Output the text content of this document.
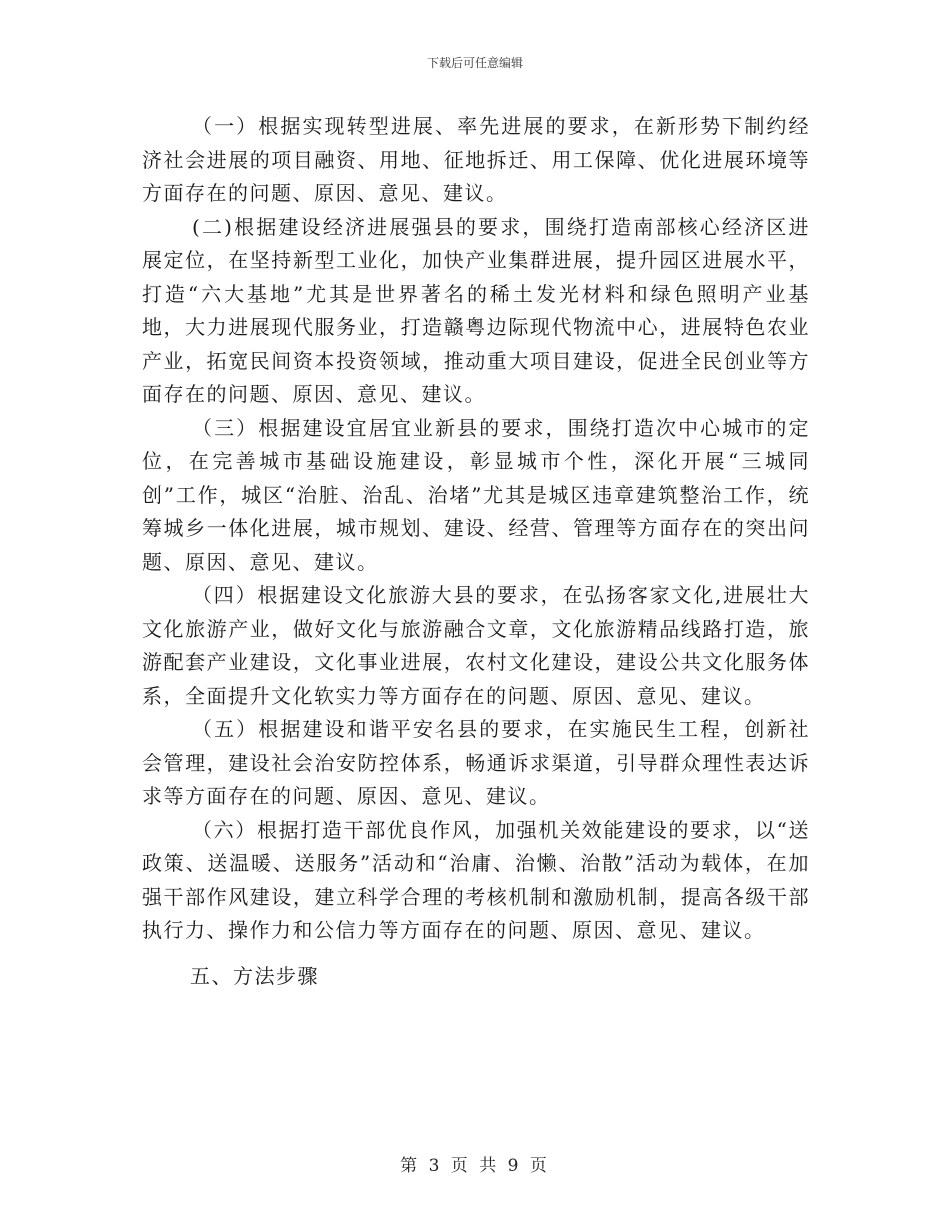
下载后可任意编辑

（一）根据实现转型进展、率先进展的要求，在新形势下制约经济社会进展的项目融资、用地、征地拆迁、用工保障、优化进展环境等方面存在的问题、原因、意见、建议。

(二)根据建设经济进展强县的要求，围绕打造南部核心经济区进展定位，在坚持新型工业化，加快产业集群进展，提升园区进展水平，打造“六大基地”尤其是世界著名的稀土发光材料和绿色照明产业基地，大力进展现代服务业，打造赣粤边际现代物流中心，进展特色农业产业，拓宽民间资本投资领域，推动重大项目建设，促进全民创业等方面存在的问题、原因、意见、建议。

（三）根据建设宜居宜业新县的要求，围绕打造次中心城市的定位，在完善城市基础设施建设，彰显城市个性，深化开展“三城同创”工作，城区“治脏、治乱、治堵”尤其是城区违章建筑整治工作，统筹城乡一体化进展，城市规划、建设、经营、管理等方面存在的突出问题、原因、意见、建议。

（四）根据建设文化旅游大县的要求，在弘扬客家文化,进展壮大文化旅游产业，做好文化与旅游融合文章，文化旅游精品线路打造，旅游配套产业建设，文化事业进展，农村文化建设，建设公共文化服务体系，全面提升文化软实力等方面存在的问题、原因、意见、建议。

（五）根据建设和谐平安名县的要求，在实施民生工程，创新社会管理，建设社会治安防控体系，畅通诉求渠道，引导群众理性表达诉求等方面存在的问题、原因、意见、建议。

（六）根据打造干部优良作风，加强机关效能建设的要求，以“送政策、送温暖、送服务”活动和“治庸、治懒、治散”活动为载体，在加强干部作风建设，建立科学合理的考核机制和激励机制，提高各级干部执行力、操作力和公信力等方面存在的问题、原因、意见、建议。

五、方法步骤

第 3 页 共 9 页
